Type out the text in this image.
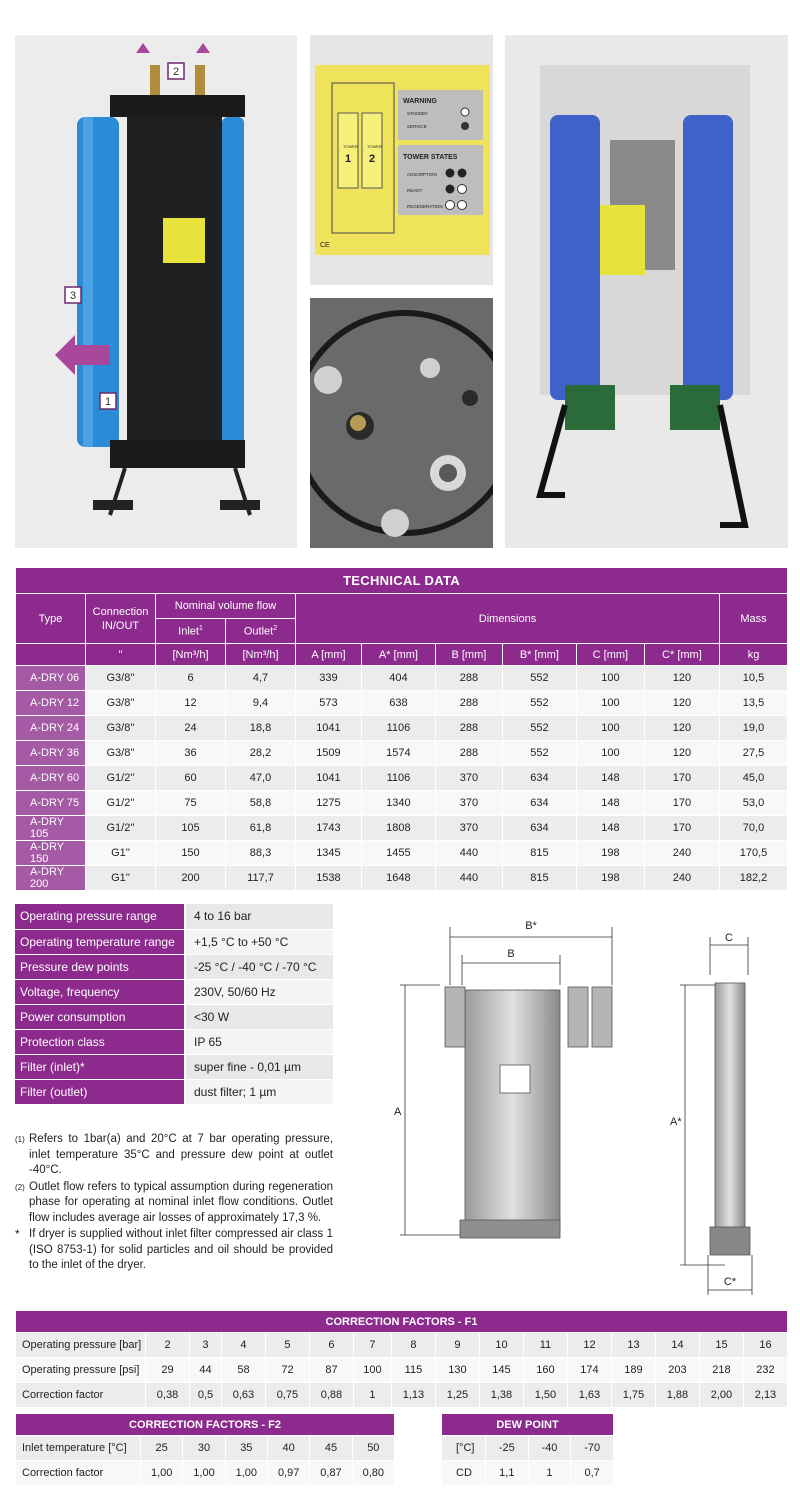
2
3
1
WARNING
STANDBY
SERVICE
TOWER STATES
ADSORPTION
READY
REGENERATION
TOWER TOWER
1 2
CE
TECHNICAL DATA										
Type	Connection IN/OUT	Nominal volume flow		Dimensions						Mass
		Inlet$^1$	Outlet$^2$
	"	[Nm³/h]	[Nm³/h]	A [mm]	A* [mm]	B [mm]	B* [mm]	C [mm]	C* [mm]	kg
A-DRY 06	G3/8''	6	4,7	339	404	288	552	100	120	10,5
A-DRY 12	G3/8''	12	9,4	573	638	288	552	100	120	13,5
A-DRY 24	G3/8''	24	18,8	1041	1106	288	552	100	120	19,0
A-DRY 36	G3/8''	36	28,2	1509	1574	288	552	100	120	27,5
A-DRY 60	G1/2''	60	47,0	1041	1106	370	634	148	170	45,0
A-DRY 75	G1/2''	75	58,8	1275	1340	370	634	148	170	53,0
A-DRY 105	G1/2''	105	61,8	1743	1808	370	634	148	170	70,0
A-DRY 150	G1''	150	88,3	1345	1455	440	815	198	240	170,5
A-DRY 200	G1''	200	117,7	1538	1648	440	815	198	240	182,2
Operating pressure range	4 to 16 bar
Operating temperature range	+1,5 °C to +50 °C
Pressure dew points	-25 °C / -40 °C / -70 °C
Voltage, frequency	230V, 50/60 Hz
Power consumption	<30 W
Protection class	IP 65
Filter (inlet)*	super fine - 0,01 µm
Filter (outlet)	dust filter; 1 µm
(1) Refers to 1bar(a) and 20°C at 7 bar operating pressure, inlet temperature 35°C and pressure dew point at outlet -40°C.
(2) Outlet flow refers to typical assumption during regeneration phase for operating at nominal inlet flow conditions. Outlet flow includes average air losses of approximately 17,3 %.
* If dryer is supplied without inlet filter compressed air class 1 (ISO 8753-1) for solid particles and oil should be provided to the inlet of the dryer.
B*
B
A
A*
C
C*
CORRECTION FACTORS - F1															
Operating pressure [bar]	2	3	4	5	6	7	8	9	10	11	12	13	14	15	16
Operating pressure [psi]	29	44	58	72	87	100	115	130	145	160	174	189	203	218	232
Correction factor	0,38	0,5	0,63	0,75	0,88	1	1,13	1,25	1,38	1,50	1,63	1,75	1,88	2,00	2,13
CORRECTION FACTORS - F2						
Inlet temperature [°C]	25	30	35	40	45	50
Correction factor	1,00	1,00	1,00	0,97	0,87	0,80
DEW POINT			
[°C]	-25	-40	-70
CD	1,1	1	0,7
